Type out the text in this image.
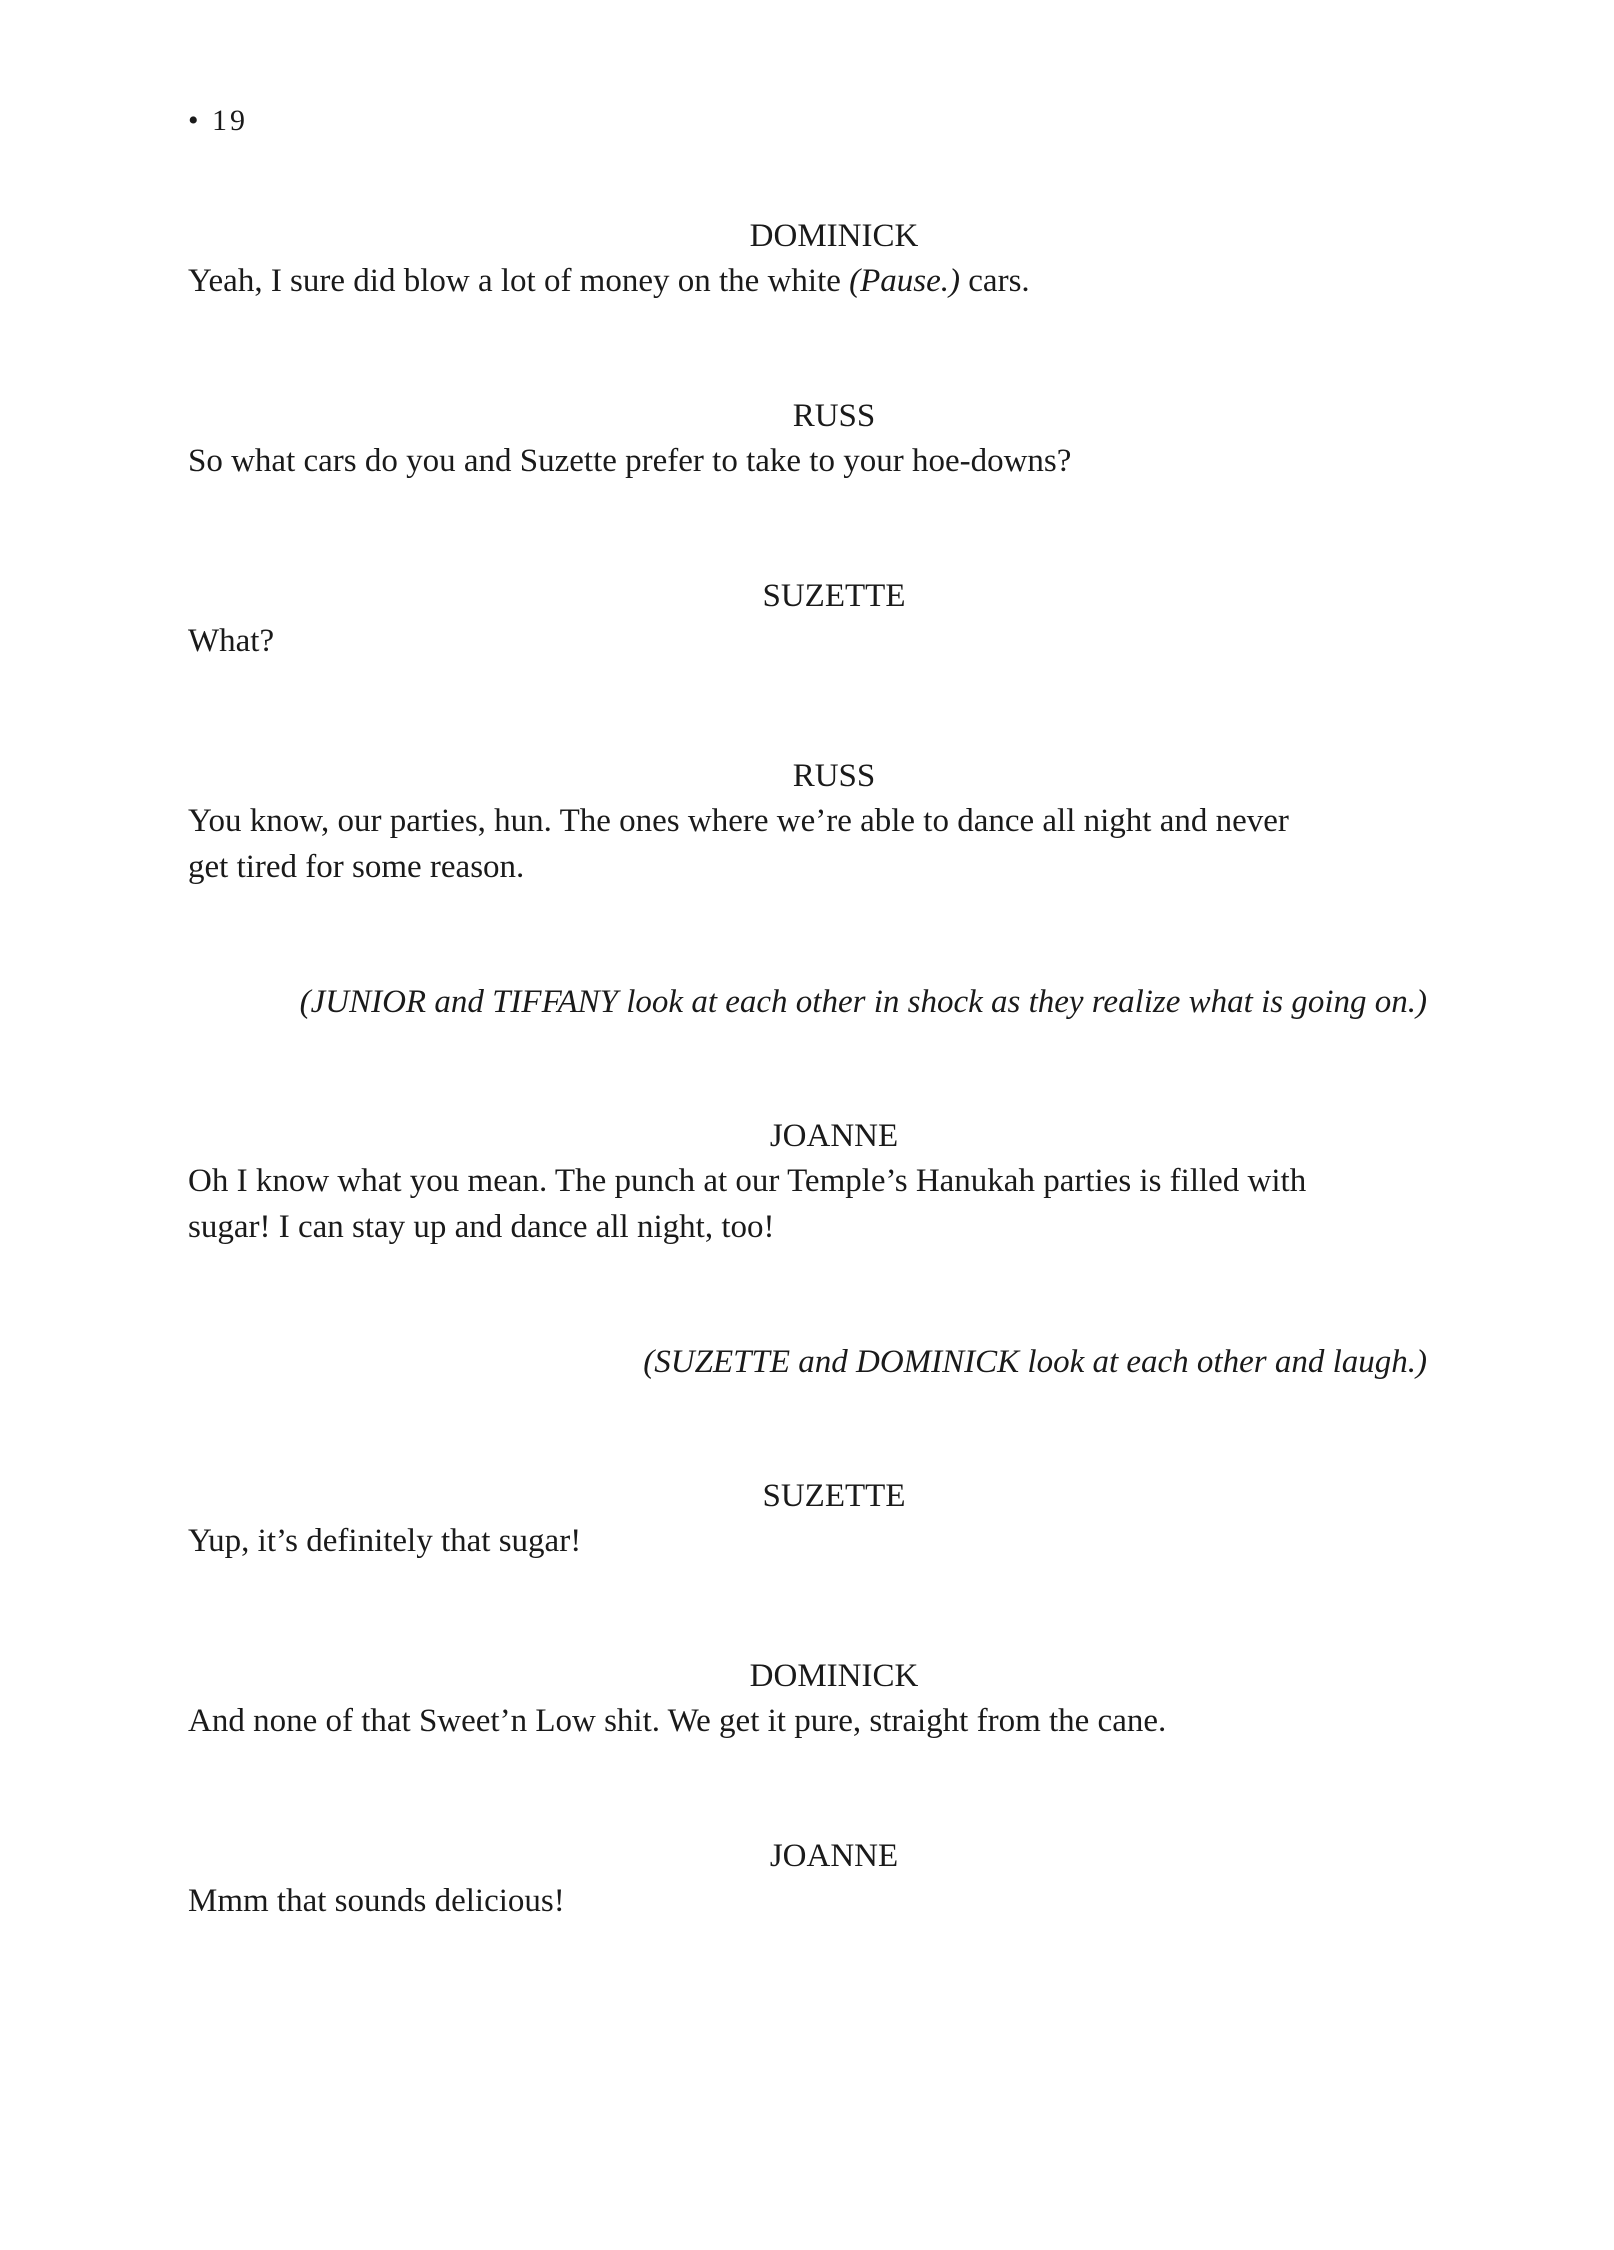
• 19
DOMINICK
Yeah, I sure did blow a lot of money on the white (Pause.) cars.
RUSS
So what cars do you and Suzette prefer to take to your hoe-downs?
SUZETTE
What?
RUSS
You know, our parties, hun. The ones where we’re able to dance all night and never
get tired for some reason.
(JUNIOR and TIFFANY look at each other in shock as they realize what is going on.)
JOANNE
Oh I know what you mean. The punch at our Temple’s Hanukah parties is filled with
sugar! I can stay up and dance all night, too!
(SUZETTE and DOMINICK look at each other and laugh.)
SUZETTE
Yup, it’s definitely that sugar!
DOMINICK
And none of that Sweet’n Low shit. We get it pure, straight from the cane.
JOANNE
Mmm that sounds delicious!
